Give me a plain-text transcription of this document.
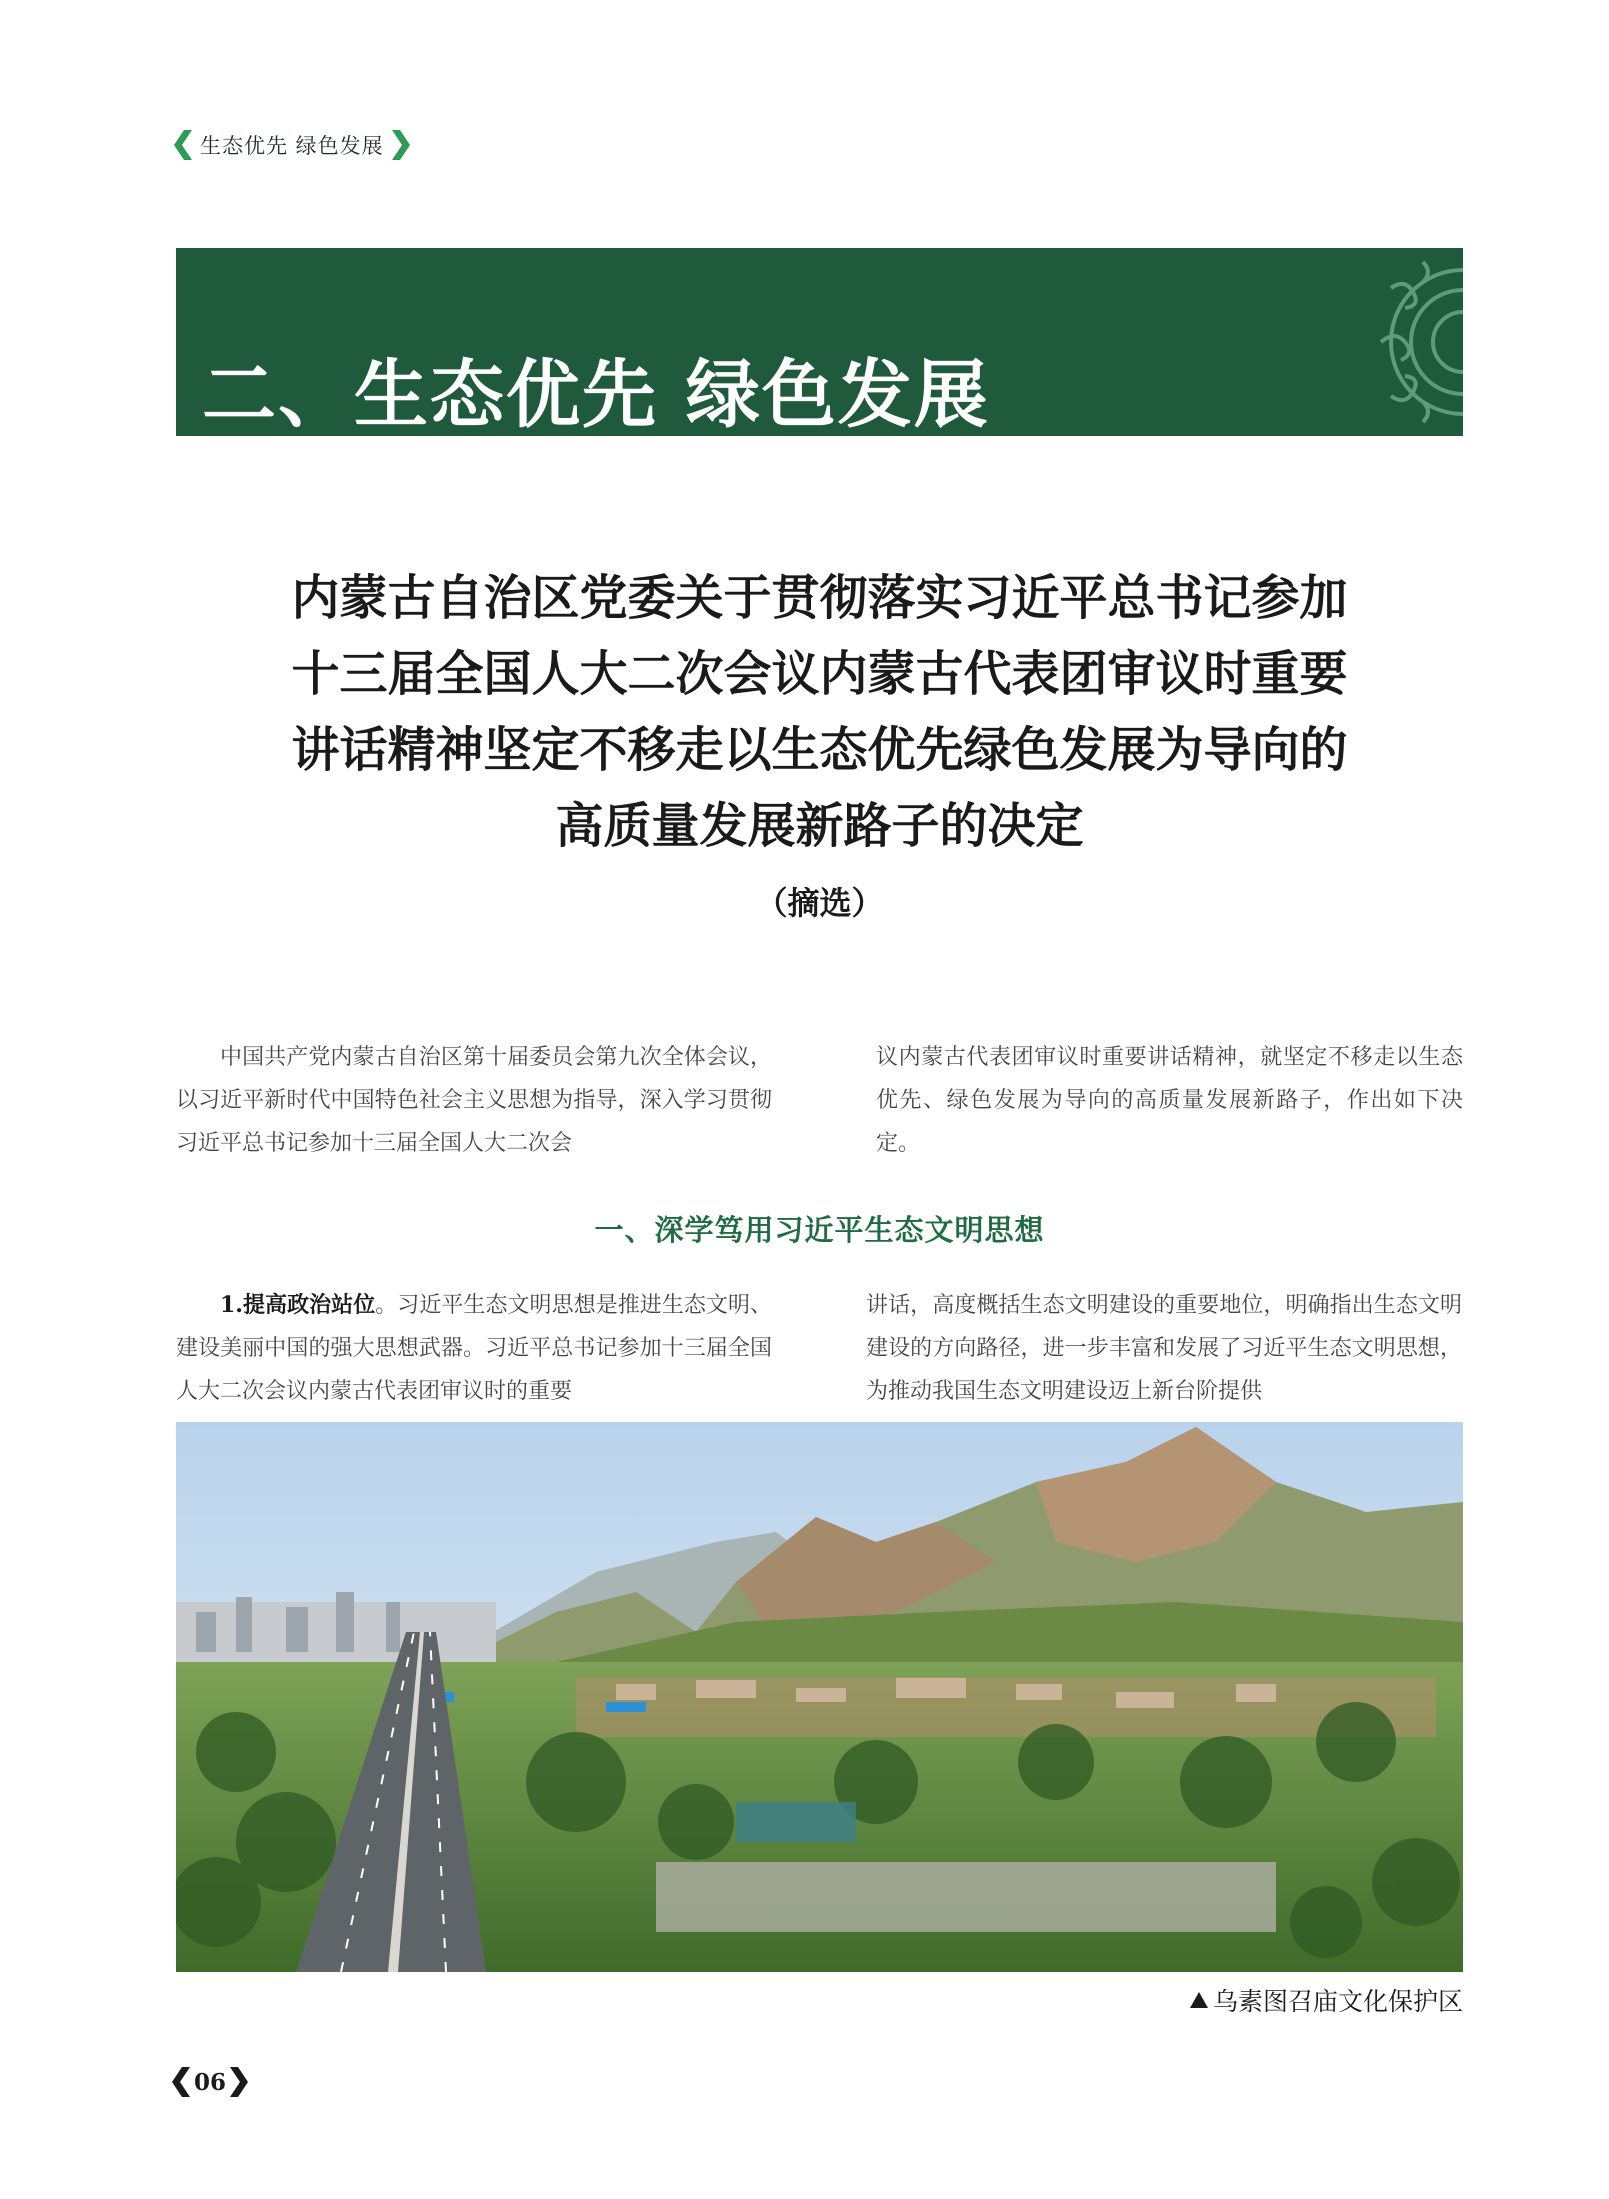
生态优先 绿色发展
二、生态优先 绿色发展
内蒙古自治区党委关于贯彻落实习近平总书记参加
十三届全国人大二次会议内蒙古代表团审议时重要
讲话精神坚定不移走以生态优先绿色发展为导向的
高质量发展新路子的决定
（摘选）

中国共产党内蒙古自治区第十届委员会第九次全体会议，以习近平新时代中国特色社会主义思想为指导，深入学习贯彻习近平总书记参加十三届全国人大二次会

议内蒙古代表团审议时重要讲话精神，就坚定不移走以生态优先、绿色发展为导向的高质量发展新路子，作出如下决定。

一、深学笃用习近平生态文明思想

1.提高政治站位。习近平生态文明思想是推进生态文明、建设美丽中国的强大思想武器。习近平总书记参加十三届全国人大二次会议内蒙古代表团审议时的重要

讲话，高度概括生态文明建设的重要地位，明确指出生态文明建设的方向路径，进一步丰富和发展了习近平生态文明思想，为推动我国生态文明建设迈上新台阶提供

乌素图召庙文化保护区
06
